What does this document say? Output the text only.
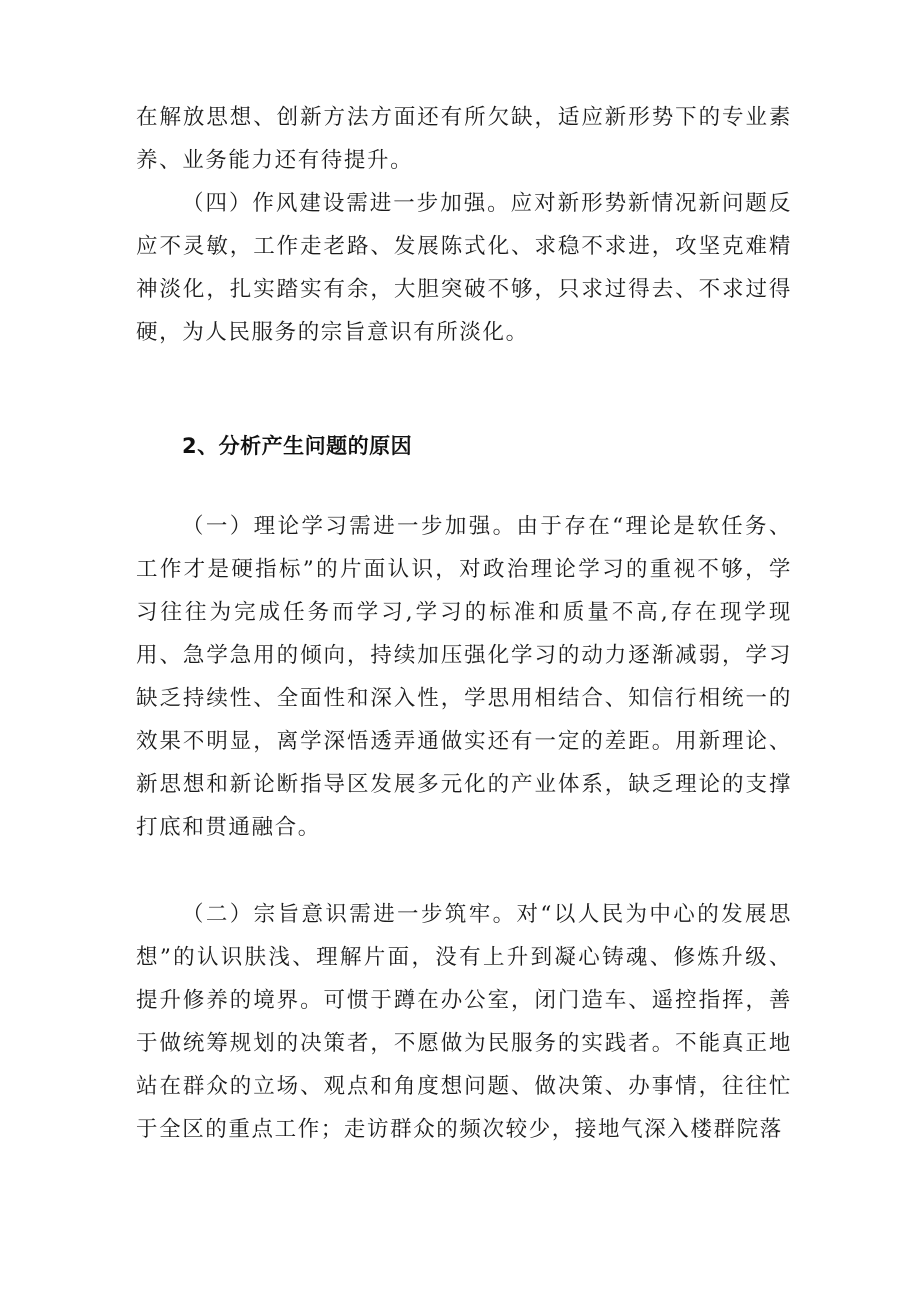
在解放思想、创新方法方面还有所欠缺，适应新形势下的专业素养、业务能力还有待提升。

（四）作风建设需进一步加强。应对新形势新情况新问题反应不灵敏，工作走老路、发展陈式化、求稳不求进，攻坚克难精神淡化，扎实踏实有余，大胆突破不够，只求过得去、不求过得硬，为人民服务的宗旨意识有所淡化。

2、分析产生问题的原因

（一）理论学习需进一步加强。由于存在“理论是软任务、工作才是硬指标”的片面认识，对政治理论学习的重视不够，学习往往为完成任务而学习,学习的标准和质量不高,存在现学现用、急学急用的倾向，持续加压强化学习的动力逐渐减弱，学习缺乏持续性、全面性和深入性，学思用相结合、知信行相统一的效果不明显，离学深悟透弄通做实还有一定的差距。用新理论、新思想和新论断指导区发展多元化的产业体系，缺乏理论的支撑打底和贯通融合。

（二）宗旨意识需进一步筑牢。对“以人民为中心的发展思想”的认识肤浅、理解片面，没有上升到凝心铸魂、修炼升级、提升修养的境界。可惯于蹲在办公室，闭门造车、遥控指挥，善于做统筹规划的决策者，不愿做为民服务的实践者。不能真正地站在群众的立场、观点和角度想问题、做决策、办事情，往往忙于全区的重点工作；走访群众的频次较少，接地气深入楼群院落
